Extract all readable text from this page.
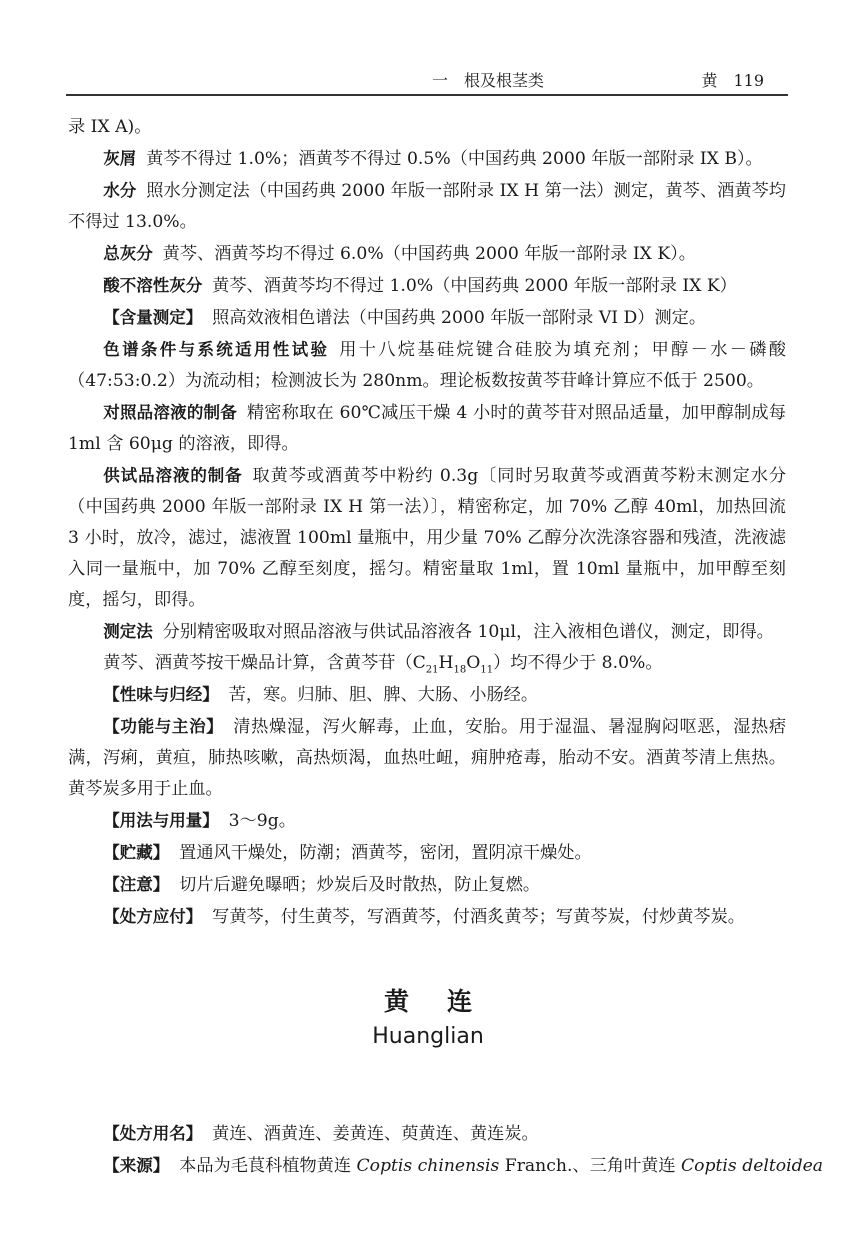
一　根及根茎类	黄　119

录 IX A)。

灰屑 黄芩不得过 1.0%；酒黄芩不得过 0.5%（中国药典 2000 年版一部附录 IX B）。

水分 照水分测定法（中国药典 2000 年版一部附录 IX H 第一法）测定，黄芩、酒黄芩均不得过 13.0%。

总灰分 黄芩、酒黄芩均不得过 6.0%（中国药典 2000 年版一部附录 IX K）。

酸不溶性灰分 黄芩、酒黄芩均不得过 1.0%（中国药典 2000 年版一部附录 IX K）

【含量测定】 照高效液相色谱法（中国药典 2000 年版一部附录 VI D）测定。

色谱条件与系统适用性试验 用十八烷基硅烷键合硅胶为填充剂；甲醇－水－磷酸（47:53:0.2）为流动相；检测波长为 280nm。理论板数按黄芩苷峰计算应不低于 2500。

对照品溶液的制备 精密称取在 60℃减压干燥 4 小时的黄芩苷对照品适量，加甲醇制成每 1ml 含 60μg 的溶液，即得。

供试品溶液的制备 取黄芩或酒黄芩中粉约 0.3g〔同时另取黄芩或酒黄芩粉末测定水分（中国药典 2000 年版一部附录 IX H 第一法）〕，精密称定，加 70% 乙醇 40ml，加热回流 3 小时，放冷，滤过，滤液置 100ml 量瓶中，用少量 70% 乙醇分次洗涤容器和残渣，洗液滤入同一量瓶中，加 70% 乙醇至刻度，摇匀。精密量取 1ml，置 10ml 量瓶中，加甲醇至刻度，摇匀，即得。

测定法 分别精密吸取对照品溶液与供试品溶液各 10μl，注入液相色谱仪，测定，即得。

黄芩、酒黄芩按干燥品计算，含黄芩苷$(C_{21}H_{18}O_{11})$均不得少于 8.0%。

【性味与归经】 苦，寒。归肺、胆、脾、大肠、小肠经。

【功能与主治】 清热燥湿，泻火解毒，止血，安胎。用于湿温、暑湿胸闷呕恶，湿热痞满，泻痢，黄疸，肺热咳嗽，高热烦渴，血热吐衄，痈肿疮毒，胎动不安。酒黄芩清上焦热。黄芩炭多用于止血。

【用法与用量】 3～9g。

【贮藏】 置通风干燥处，防潮；酒黄芩，密闭，置阴凉干燥处。

【注意】 切片后避免曝晒；炒炭后及时散热，防止复燃。

【处方应付】 写黄芩，付生黄芩，写酒黄芩，付酒炙黄芩；写黄芩炭，付炒黄芩炭。

黄连
Huanglian

【处方用名】 黄连、酒黄连、姜黄连、萸黄连、黄连炭。

【来源】 本品为毛茛科植物黄连 Coptis chinensis Franch.、三角叶黄连 Coptis deltoidea
